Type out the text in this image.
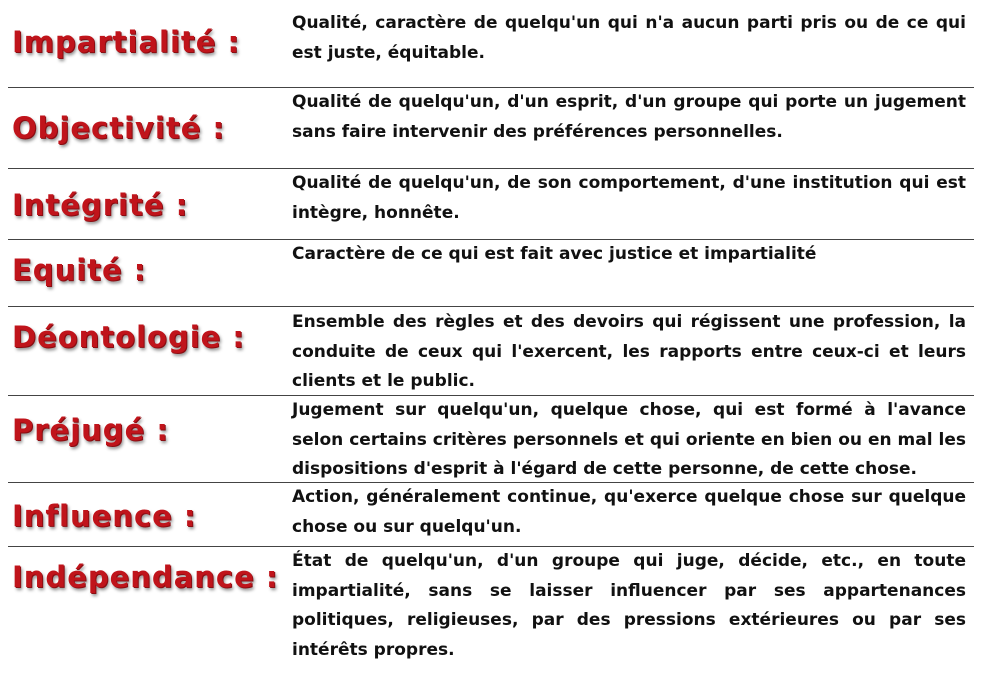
Impartialité :
Qualité, caractère de quelqu'un qui n'a aucun parti pris ou de ce qui est juste, équitable.
Objectivité :
Qualité de quelqu'un, d'un esprit, d'un groupe qui porte un jugement sans faire intervenir des préférences personnelles.
Intégrité :
Qualité de quelqu'un, de son comportement, d'une institution qui est intègre, honnête.
Equité :	Caractère de ce qui est fait avec justice et impartialité
Déontologie :	Ensemble des règles et des devoirs qui régissent une profession, la conduite de ceux qui l'exercent, les rapports entre ceux-ci et leurs clients et le public.
Préjugé :
Jugement sur quelqu'un, quelque chose, qui est formé à l'avance selon certains critères personnels et qui oriente en bien ou en mal les dispositions d'esprit à l'égard de cette personne, de cette chose.
Influence :
Action, généralement continue, qu'exerce quelque chose sur quelque chose ou sur quelqu'un.
Indépendance : État de quelqu'un, d'un groupe qui juge, décide, etc., en toute impartialité, sans se laisser influencer par ses appartenances politiques, religieuses, par des pressions extérieures ou par ses intérêts propres.
